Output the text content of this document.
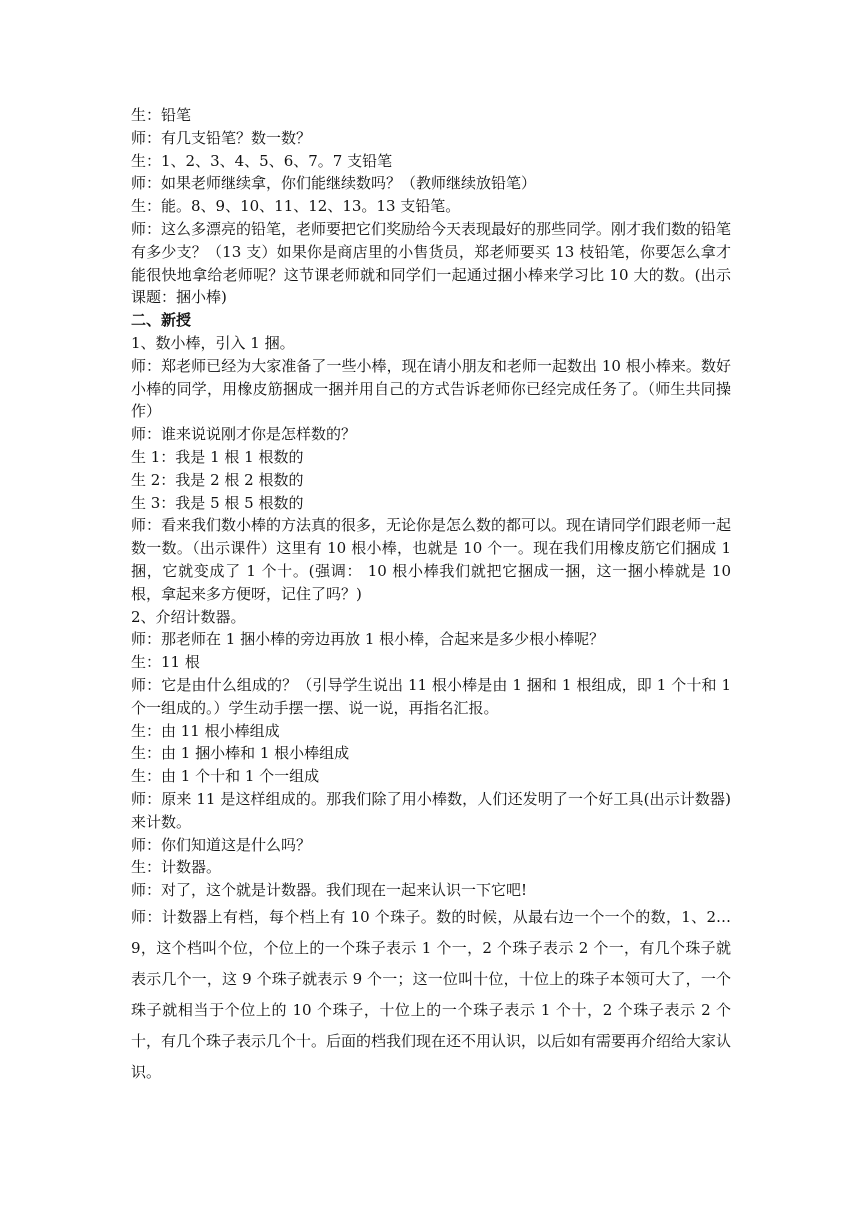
生：铅笔

师：有几支铅笔？数一数？

生：1、2、3、4、5、6、7。7 支铅笔

师：如果老师继续拿，你们能继续数吗？（教师继续放铅笔）

生：能。8、9、10、11、12、13。13 支铅笔。

师：这么多漂亮的铅笔，老师要把它们奖励给今天表现最好的那些同学。刚才我们数的铅笔有多少支？（13 支）如果你是商店里的小售货员，郑老师要买 13 枝铅笔，你要怎么拿才能很快地拿给老师呢？这节课老师就和同学们一起通过捆小棒来学习比 10 大的数。(出示课题：捆小棒)

二、新授

1、数小棒，引入 1 捆。

师：郑老师已经为大家准备了一些小棒，现在请小朋友和老师一起数出 10 根小棒来。数好小棒的同学，用橡皮筋捆成一捆并用自己的方式告诉老师你已经完成任务了。（师生共同操作）

师：谁来说说刚才你是怎样数的？

生 1：我是 1 根 1 根数的

生 2：我是 2 根 2 根数的

生 3：我是 5 根 5 根数的

师：看来我们数小棒的方法真的很多，无论你是怎么数的都可以。现在请同学们跟老师一起数一数。（出示课件）这里有 10 根小棒，也就是 10 个一。现在我们用橡皮筋它们捆成 1 捆，它就变成了 1 个十。(强调： 10 根小棒我们就把它捆成一捆，这一捆小棒就是 10 根，拿起来多方便呀，记住了吗？)

2、介绍计数器。

师：那老师在 1 捆小棒的旁边再放 1 根小棒，合起来是多少根小棒呢？

生：11 根

师：它是由什么组成的？（引导学生说出 11 根小棒是由 1 捆和 1 根组成，即 1 个十和 1 个一组成的。）学生动手摆一摆、说一说，再指名汇报。

生：由 11 根小棒组成

生：由 1 捆小棒和 1 根小棒组成

生：由 1 个十和 1 个一组成

师：原来 11 是这样组成的。那我们除了用小棒数，人们还发明了一个好工具(出示计数器)来计数。

师：你们知道这是什么吗？

生：计数器。

师：对了，这个就是计数器。我们现在一起来认识一下它吧!

师：计数器上有档，每个档上有 10 个珠子。数的时候，从最右边一个一个的数，1、2…9，这个档叫个位，个位上的一个珠子表示 1 个一，2 个珠子表示 2 个一，有几个珠子就表示几个一，这 9 个珠子就表示 9 个一；这一位叫十位，十位上的珠子本领可大了，一个珠子就相当于个位上的 10 个珠子，十位上的一个珠子表示 1 个十，2 个珠子表示 2 个十，有几个珠子表示几个十。后面的档我们现在还不用认识，以后如有需要再介绍给大家认识。
